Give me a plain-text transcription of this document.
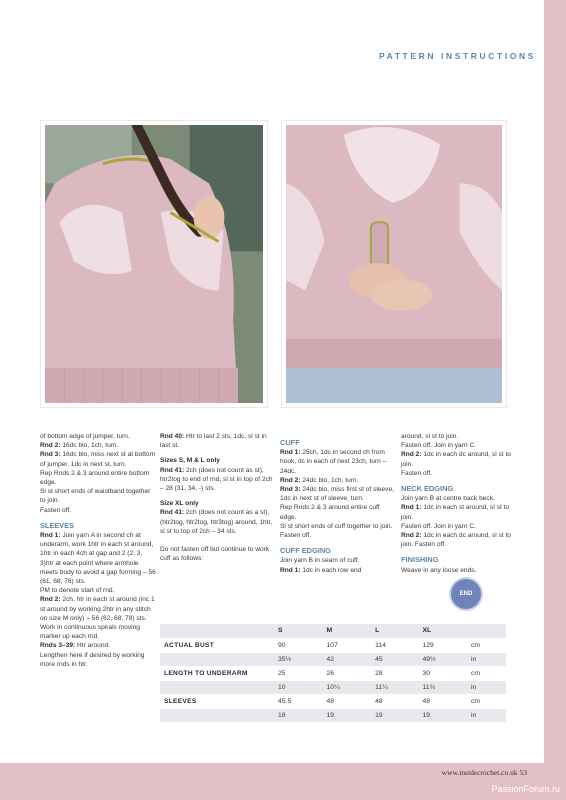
PATTERN INSTRUCTIONS
of bottom edge of jumper, turn.
Rnd 2: 16dc blo, 1ch, turn.
Rnd 3: 16dc blo, miss next st at bottom of jumper, 1dc in next st, turn.
Rep Rnds 2 & 3 around entire bottom edge.
Sl st short ends of waistband together to join.
Fasten off.
SLEEVES
Rnd 1: Join yarn A in second ch at underarm, work 1htr in each st around, 1htr in each 4ch at gap and 2 (2, 3, 3)htr at each point where armhole meets body to avoid a gap forming – 56 (61, 68, 78) sts.
PM to denote start of rnd.
Rnd 2: 2ch, htr in each st around (inc 1 st around by working 2htr in any stitch on size M only) – 56 (62, 68, 78) sts.
Work in continuous spirals moving marker up each rnd.
Rnds 3–39: Htr around.
Lengthen here if desired by working more rnds in htr.
Rnd 40: Htr to last 2 sts, 1dc, sl st in last st.
Sizes S, M & L only
Rnd 41: 2ch (does not count as st), htr2tog to end of rnd, sl st in top of 2ch – 28 (31, 34, -) sts.
Size XL only
Rnd 41: 2ch (does not count as a st), (htr2tog, htr2tog, htr3tog) around, 1htr, sl st to top of 2ch – 34 sts.
Do not fasten off but continue to work cuff as follows:
CUFF
Rnd 1: 25ch, 1dc in second ch from hook, dc in each of next 23ch, turn – 24dc.
Rnd 2: 24dc blo, 1ch, turn.
Rnd 3: 24dc blo, miss first st of sleeve, 1dc in next st of sleeve, turn.
Rep Rnds 2 & 3 around entire cuff edge.
Sl st short ends of cuff together to join.
Fasten off.
CUFF EDGING
Join yarn B in seam of cuff.
Rnd 1: 1dc in each row end
around, sl st to join.
Fasten off. Join in yarn C.
Rnd 2: 1dc in each dc around, sl st to join.
Fasten off.
NECK EDGING
Join yarn B at centre back beck.
Rnd 1: 1dc in each st around, sl st to join.
Fasten off. Join in yarn C.
Rnd 2: 1dc in each dc around, sl st to join. Fasten off.
FINISHING
Weave in any loose ends.
END
	S	M	L	XL	
ACTUAL BUST	90	107	114	129	cm
	35½	42	45	49½	in
LENGTH TO UNDERARM	25	26	28	30	cm
	10	10¼	11¼	11¾	in
SLEEVES	45.5	48	48	48	cm
	18	19	19	19	in
www.insidecrochet.co.uk 53
PassionForum.ru
